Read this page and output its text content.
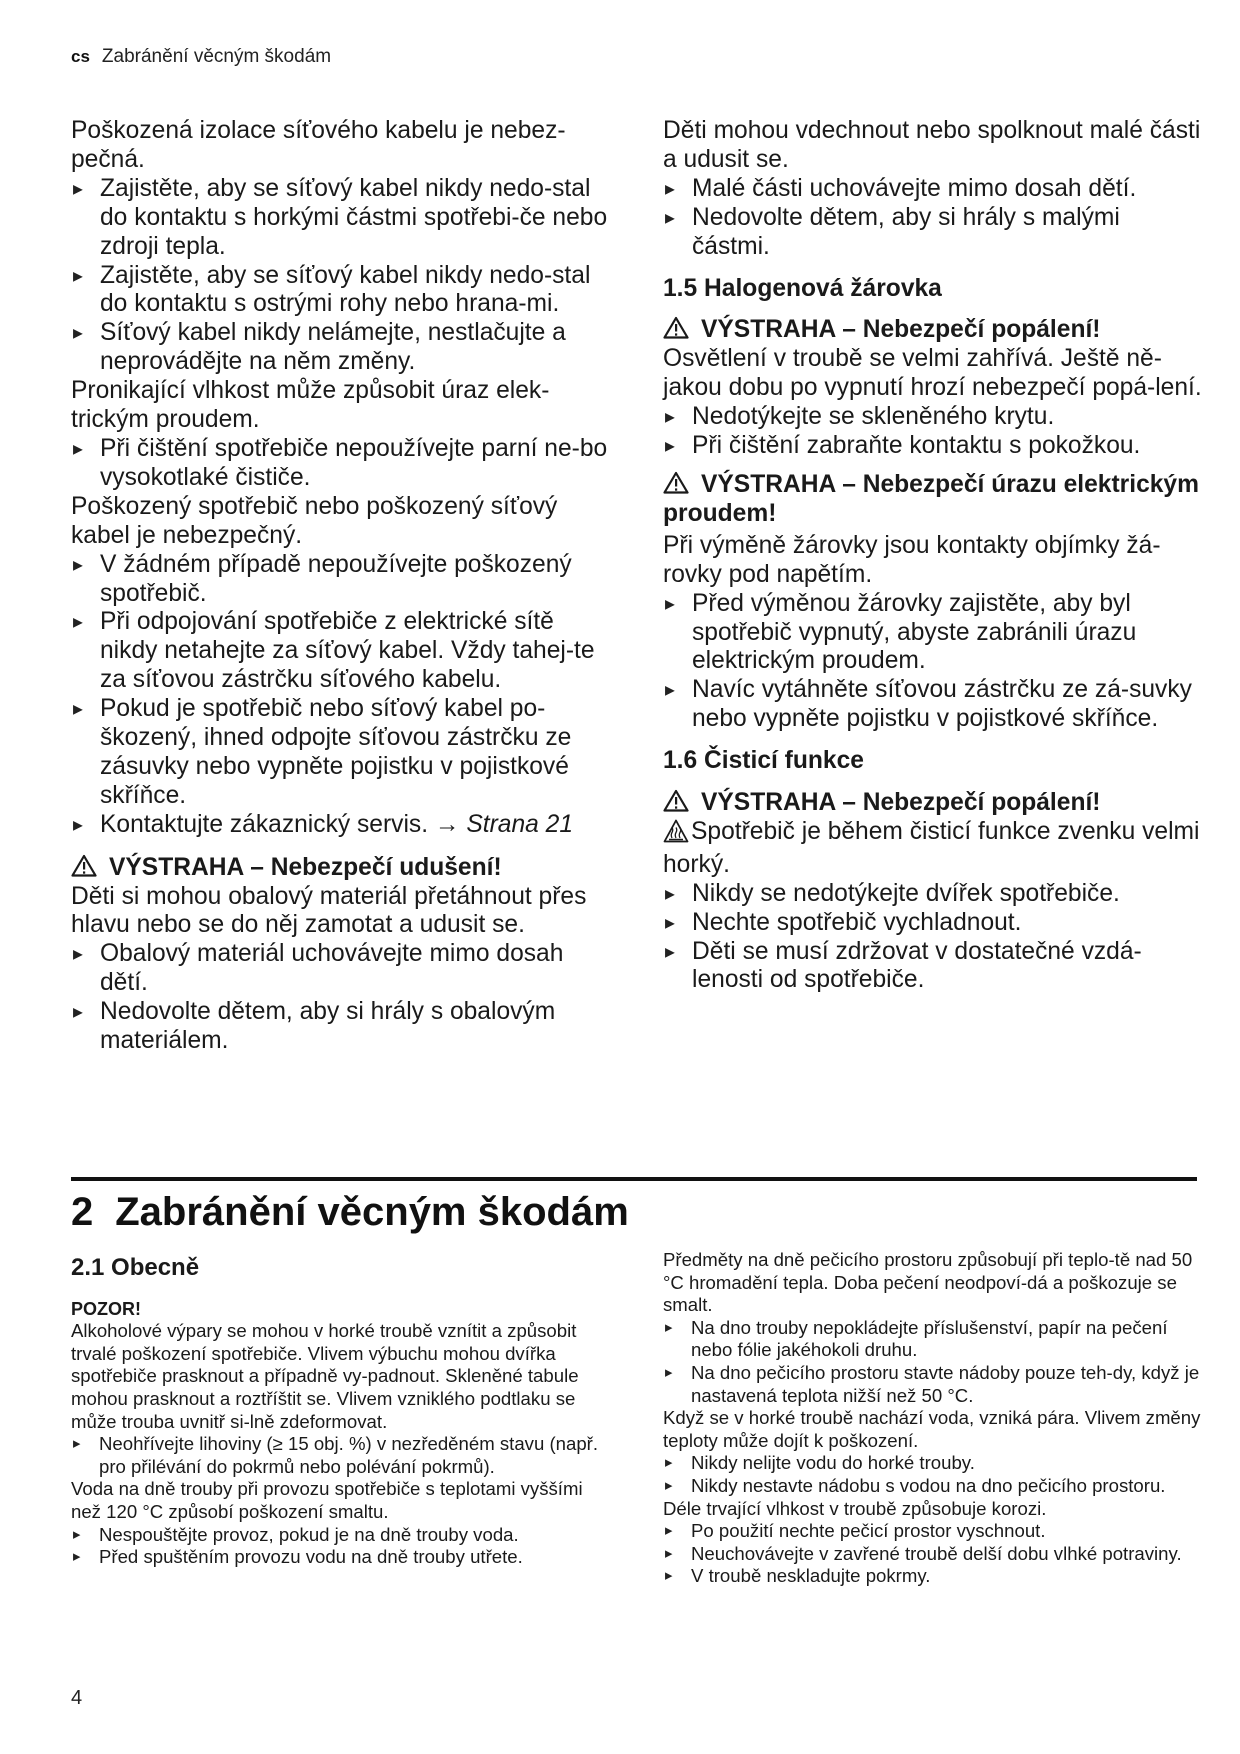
cs Zabránění věcným škodám

Poškozená izolace síťového kabelu je nebez-pečná.

▸ Zajistěte, aby se síťový kabel nikdy nedo-stal do kontaktu s horkými částmi spotřebi-če nebo zdroji tepla.

▸ Zajistěte, aby se síťový kabel nikdy nedo-stal do kontaktu s ostrými rohy nebo hrana-mi.

▸ Síťový kabel nikdy nelámejte, nestlačujte a neprovádějte na něm změny.

Pronikající vlhkost může způsobit úraz elek-trickým proudem.

▸ Při čištění spotřebiče nepoužívejte parní ne-bo vysokotlaké čističe.

Poškozený spotřebič nebo poškozený síťový kabel je nebezpečný.

▸ V žádném případě nepoužívejte poškozený spotřebič.

▸ Při odpojování spotřebiče z elektrické sítě nikdy netahejte za síťový kabel. Vždy tahej-te za síťovou zástrčku síťového kabelu.

▸ Pokud je spotřebič nebo síťový kabel po-škozený, ihned odpojte síťovou zástrčku ze zásuvky nebo vypněte pojistku v pojistkové skříňce.

▸ Kontaktujte zákaznický servis. → Strana 21

VÝSTRAHA – Nebezpečí udušení!

Děti si mohou obalový materiál přetáhnout přes hlavu nebo se do něj zamotat a udusit se.

▸ Obalový materiál uchovávejte mimo dosah dětí.

▸ Nedovolte dětem, aby si hrály s obalovým materiálem.

Děti mohou vdechnout nebo spolknout malé části a udusit se.

▸ Malé části uchovávejte mimo dosah dětí.

▸ Nedovolte dětem, aby si hrály s malými částmi.

1.5 Halogenová žárovka

VÝSTRAHA – Nebezpečí popálení!

Osvětlení v troubě se velmi zahřívá. Ještě ně-jakou dobu po vypnutí hrozí nebezpečí popá-lení.

▸ Nedotýkejte se skleněného krytu.

▸ Při čištění zabraňte kontaktu s pokožkou.

VÝSTRAHA – Nebezpečí úrazu elektrickým proudem!

Při výměně žárovky jsou kontakty objímky žá-rovky pod napětím.

▸ Před výměnou žárovky zajistěte, aby byl spotřebič vypnutý, abyste zabránili úrazu elektrickým proudem.

▸ Navíc vytáhněte síťovou zástrčku ze zá-suvky nebo vypněte pojistku v pojistkové skříňce.

1.6 Čisticí funkce

VÝSTRAHA – Nebezpečí popálení!

Spotřebič je během čisticí funkce zvenku velmi horký.

▸ Nikdy se nedotýkejte dvířek spotřebiče.

▸ Nechte spotřebič vychladnout.

▸ Děti se musí zdržovat v dostatečné vzdá-lenosti od spotřebiče.

2 Zabránění věcným škodám

2.1 Obecně

POZOR!

Alkoholové výpary se mohou v horké troubě vznítit a způsobit trvalé poškození spotřebiče. Vlivem výbuchu mohou dvířka spotřebiče prasknout a případně vy-padnout. Skleněné tabule mohou prasknout a roztříštit se. Vlivem vzniklého podtlaku se může trouba uvnitř si-lně zdeformovat.

▸ Neohřívejte lihoviny (≥ 15 obj. %) v nezředěném stavu (např. pro přilévání do pokrmů nebo polévání pokrmů).

Voda na dně trouby při provozu spotřebiče s teplotami vyššími než 120 °C způsobí poškození smaltu.

▸ Nespouštějte provoz, pokud je na dně trouby voda.

▸ Před spuštěním provozu vodu na dně trouby utřete.

Předměty na dně pečicího prostoru způsobují při teplo-tě nad 50 °C hromadění tepla. Doba pečení neodpoví-dá a poškozuje se smalt.

▸ Na dno trouby nepokládejte příslušenství, papír na pečení nebo fólie jakéhokoli druhu.

▸ Na dno pečicího prostoru stavte nádoby pouze teh-dy, když je nastavená teplota nižší než 50 °C.

Když se v horké troubě nachází voda, vzniká pára. Vlivem změny teploty může dojít k poškození.

▸ Nikdy nelijte vodu do horké trouby.

▸ Nikdy nestavte nádobu s vodou na dno pečicího prostoru.

Déle trvající vlhkost v troubě způsobuje korozi.

▸ Po použití nechte pečicí prostor vyschnout.

▸ Neuchovávejte v zavřené troubě delší dobu vlhké potraviny.

▸ V troubě neskladujte pokrmy.

4
